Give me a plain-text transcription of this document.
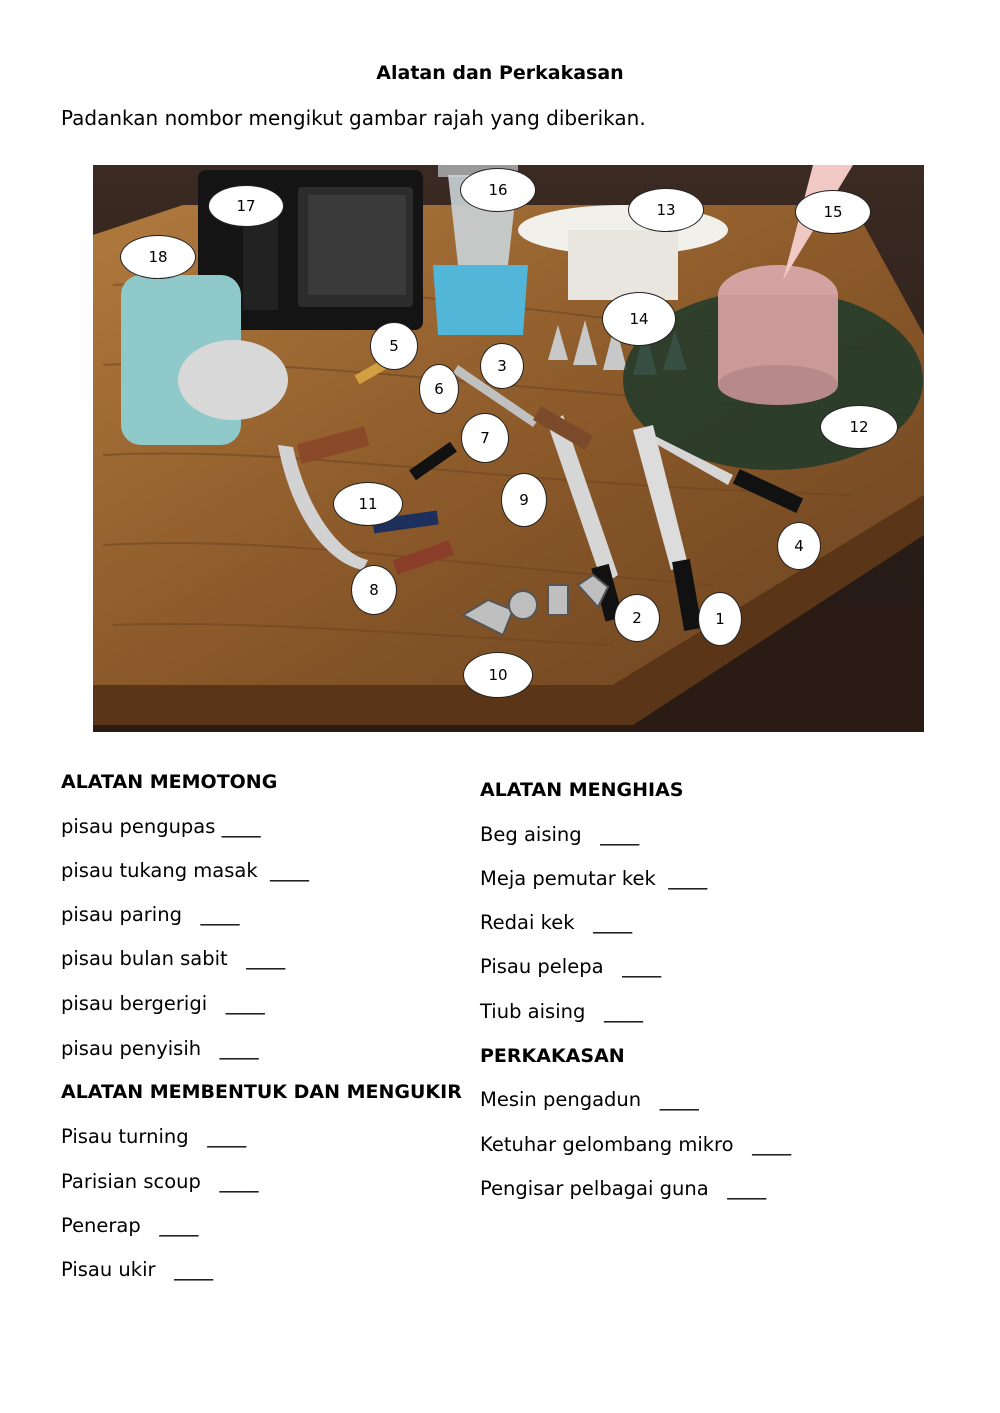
Alatan dan Perkakasan
Padankan nombor mengikut gambar rajah yang diberikan.
17
16
13	15
18
14
5
3
6
12
7
9
11
4
8
2	1
10
ALATAN MEMOTONG
pisau pengupas ____
pisau tukang masak  ____
pisau paring   ____
pisau bulan sabit   ____
pisau bergerigi   ____
pisau penyisih   ____
ALATAN MEMBENTUK DAN MENGUKIR
Pisau turning   ____
Parisian scoup   ____
Penerap   ____
Pisau ukir   ____
ALATAN MENGHIAS
Beg aising   ____
Meja pemutar kek  ____
Redai kek   ____
Pisau pelepa   ____
Tiub aising   ____
PERKAKASAN
Mesin pengadun   ____
Ketuhar gelombang mikro   ____
Pengisar pelbagai guna   ____
